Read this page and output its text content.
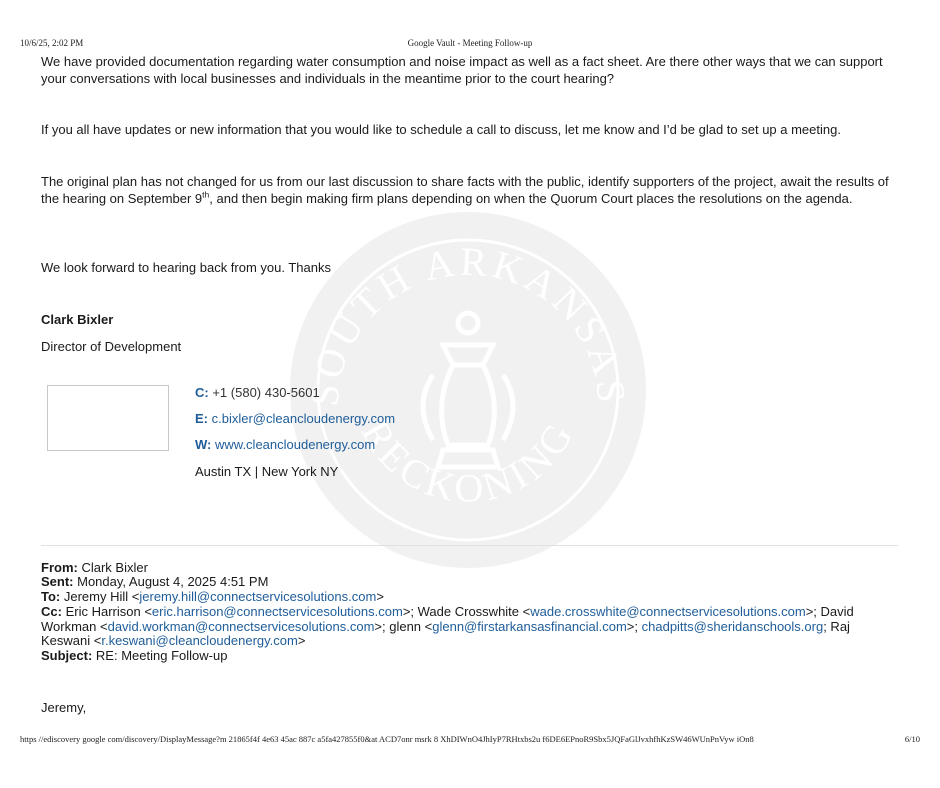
10/6/25, 2:02 PM	Google Vault - Meeting Follow-up
SOUTH ARKANSAS
RECKONING

We have provided documentation regarding water consumption and noise impact as well as a fact sheet. Are there other ways that we can support your conversations with local businesses and individuals in the meantime prior to the court hearing?

If you all have updates or new information that you would like to schedule a call to discuss, let me know and I’d be glad to set up a meeting.

The original plan has not changed for us from our last discussion to share facts with the public, identify supporters of the project, await the results of the hearing on September 9th, and then begin making firm plans depending on when the Quorum Court places the resolutions on the agenda.

We look forward to hearing back from you. Thanks

Clark Bixler
Director of Development
C: +1 (580) 430-5601
E: c.bixler@cleancloudenergy.com
W: www.cleancloudenergy.com
Austin TX | New York NY
From: Clark Bixler
Sent: Monday, August 4, 2025 4:51 PM
To: Jeremy Hill <jeremy.hill@connectservicesolutions.com>
Cc: Eric Harrison <eric.harrison@connectservicesolutions.com>; Wade Crosswhite <wade.crosswhite@connectservicesolutions.com>; David Workman <david.workman@connectservicesolutions.com>; glenn <glenn@firstarkansasfinancial.com>; chadpitts@sheridanschools.org; Raj Keswani <r.keswani@cleancloudenergy.com>
Subject: RE: Meeting Follow-up
Jeremy,
https //ediscovery google com/discovery/DisplayMessage?m 21865f4f 4e63 45ac 887c a5fa427855f0&at ACD7onr msrk 8 XhDIWnO4JhIyP7RHtxbs2u f6DE6EPnoR9Sbx5JQFaGlJvxhfhKzSW46WUnPnVyw iOn8	6/10
